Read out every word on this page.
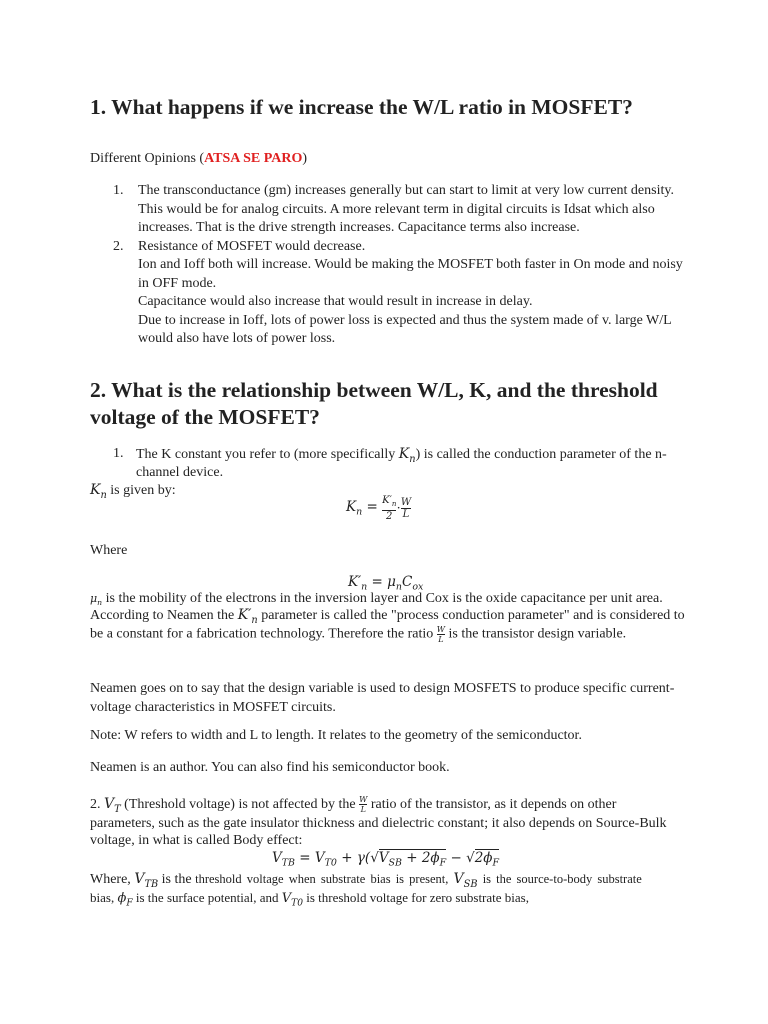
1. What happens if we increase the W/L ratio in MOSFET?
Different Opinions (ATSA SE PARO)
1. The transconductance (gm) increases generally but can start to limit at very low current density.
This would be for analog circuits. A more relevant term in digital circuits is Idsat which also
increases. That is the drive strength increases. Capacitance terms also increase.
2. Resistance of MOSFET would decrease.
Ion and Ioff both will increase. Would be making the MOSFET both faster in On mode and noisy
in OFF mode.
Capacitance would also increase that would result in increase in delay.
Due to increase in Ioff, lots of power loss is expected and thus the system made of v. large W/L
would also have lots of power loss.
2. What is the relationship between W/L, K, and the threshold
voltage of the MOSFET?
1. The K constant you refer to (more specifically $K_n$) is called the conduction parameter of the n-
channel device.
$K_n$ is given by:
$K_n = \frac{K'_n}{2} \cdot \frac{W}{L}$
Where
$K'_n = \mu_nC_{ox}$
$\mu_n$ is the mobility of the electrons in the inversion layer and Cox is the oxide capacitance per unit area.
According to Neamen the $K'_n$ parameter is called the "process conduction parameter" and is considered to
be a constant for a fabrication technology. Therefore the ratio $\frac{W}{L}$ is the transistor design variable.
Neamen goes on to say that the design variable is used to design MOSFETS to produce specific current-
voltage characteristics in MOSFET circuits.
Note: W refers to width and L to length. It relates to the geometry of the semiconductor.
Neamen is an author. You can also find his semiconductor book.
2. $V_T$ (Threshold voltage) is not affected by the $\frac{W}{L}$ ratio of the transistor, as it depends on other
parameters, such as the gate insulator thickness and dielectric constant; it also depends on Source-Bulk
voltage, in what is called Body effect:
$V_{TB} = V_{T0} + \gamma(√V_{SB} + 2\phi_F - √2\phi_F$
Where, $V_{TB}$ is the threshold voltage when substrate bias is present, $V_{SB}$ is the source-to-body substrate
bias, $\phi_F$ is the surface potential, and $V_{T0}$ is threshold voltage for zero substrate bias,
